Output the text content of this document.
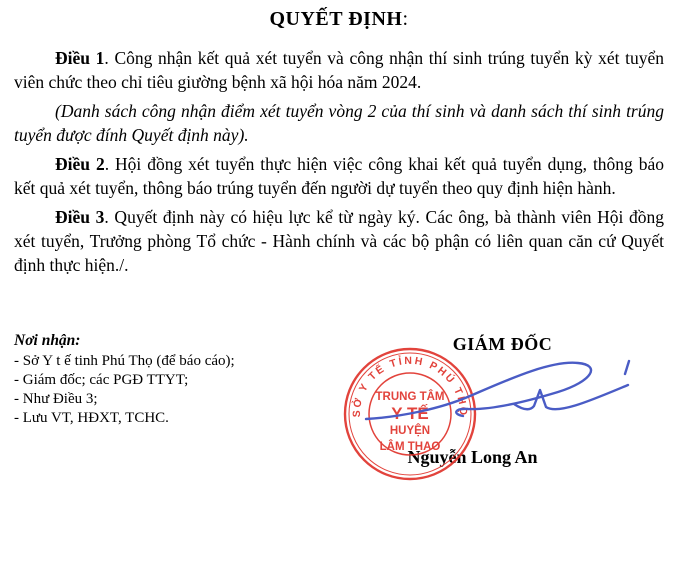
QUYẾT ĐỊNH:

Điều 1. Công nhận kết quả xét tuyển và công nhận thí sinh trúng tuyển kỳ xét tuyển viên chức theo chỉ tiêu giường bệnh xã hội hóa năm 2024.

(Danh sách công nhận điểm xét tuyển vòng 2 của thí sinh và danh sách thí sinh trúng tuyển được đính Quyết định này).

Điều 2. Hội đồng xét tuyển thực hiện việc công khai kết quả tuyển dụng, thông báo kết quả xét tuyển, thông báo trúng tuyển đến người dự tuyển theo quy định hiện hành.

Điều 3. Quyết định này có hiệu lực kể từ ngày ký. Các ông, bà thành viên Hội đồng xét tuyển, Trưởng phòng Tổ chức - Hành chính và các bộ phận có liên quan căn cứ Quyết định thực hiện./.

Nơi nhận:
- Sở Y t ế tinh Phú Thọ (để báo cáo);
- Giám đốc; các PGĐ TTYT;
- Như Điều 3;
- Lưu VT, HĐXT, TCHC.
GIÁM ĐỐC
SỞ Y TẾ TỈNH PHÚ THỌ
TRUNG TÂM
Y TẾ
HUYỆN
LÂM THAO
Nguyễn Long An
